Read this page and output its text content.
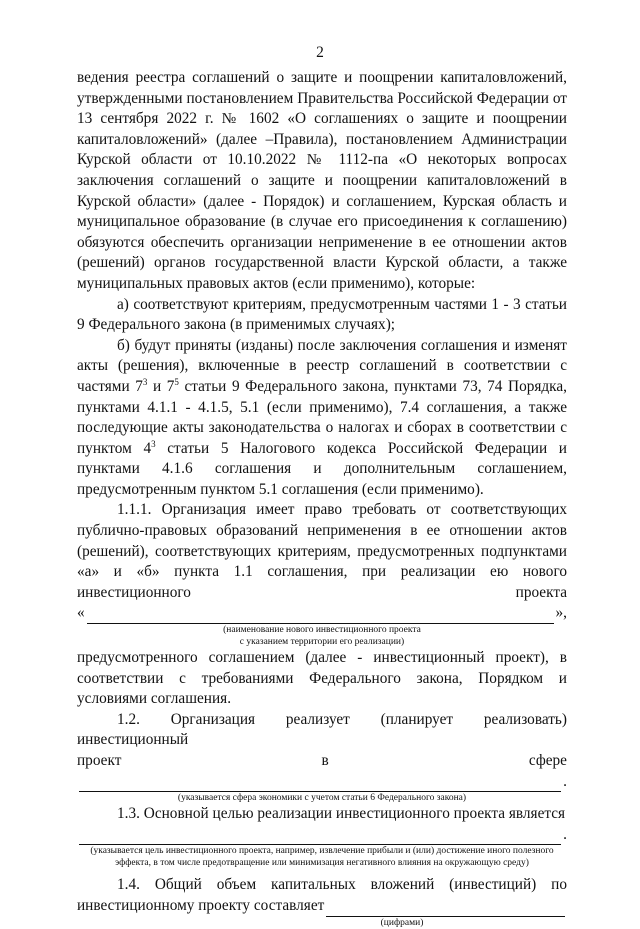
2

ведения реестра соглашений о защите и поощрении капиталовложений, утвержденными постановлением Правительства Российской Федерации от 13 сентября 2022 г. № 1602 «О соглашениях о защите и поощрении капиталовложений» (далее –Правила), постановлением Администрации Курской области от 10.10.2022 № 1112-па «О некоторых вопросах заключения соглашений о защите и поощрении капиталовложений в Курской области» (далее - Порядок) и соглашением, Курская область и муниципальное образование (в случае его присоединения к соглашению) обязуются обеспечить организации неприменение в ее отношении актов (решений) органов государственной власти Курской области, а также муниципальных правовых актов (если применимо), которые:

а) соответствуют критериям, предусмотренным частями 1 - 3 статьи 9 Федерального закона (в применимых случаях);

б) будут приняты (изданы) после заключения соглашения и изменят акты (решения), включенные в реестр соглашений в соответствии с частями $7^3$ и $7^5$ статьи 9 Федерального закона, пунктами 73, 74 Порядка, пунктами 4.1.1 - 4.1.5, 5.1 (если применимо), 7.4 соглашения, а также последующие акты законодательства о налогах и сборах в соответствии с пунктом $4^3$ статьи 5 Налогового кодекса Российской Федерации и пунктами 4.1.6 соглашения и дополнительным соглашением, предусмотренным пунктом 5.1 соглашения (если применимо).

1.1.1. Организация имеет право требовать от соответствующих публично-правовых образований неприменения в ее отношении актов (решений), соответствующих критериям, предусмотренных подпунктами «а» и «б» пункта 1.1 соглашения, при реализации ею нового

инвестиционного	проекта
«	»,
(наименование нового инвестиционного проекта
с указанием территории его реализации)

предусмотренного соглашением (далее - инвестиционный проект), в соответствии с требованиями Федерального закона, Порядком и условиями соглашения.

1.2. Организация реализует (планирует реализовать) инвестиционный

проект	в	сфере
.
(указывается сфера экономики с учетом статьи 6 Федерального закона)

1.3. Основной целью реализации инвестиционного проекта является

.
(указывается цель инвестиционного проекта, например, извлечение прибыли и (или) достижение иного полезного эффекта, в том числе предотвращение или минимизация негативного влияния на окружающую среду)

1.4. Общий объем капитальных вложений (инвестиций) по

инвестиционному проекту составляет
(цифрами)
